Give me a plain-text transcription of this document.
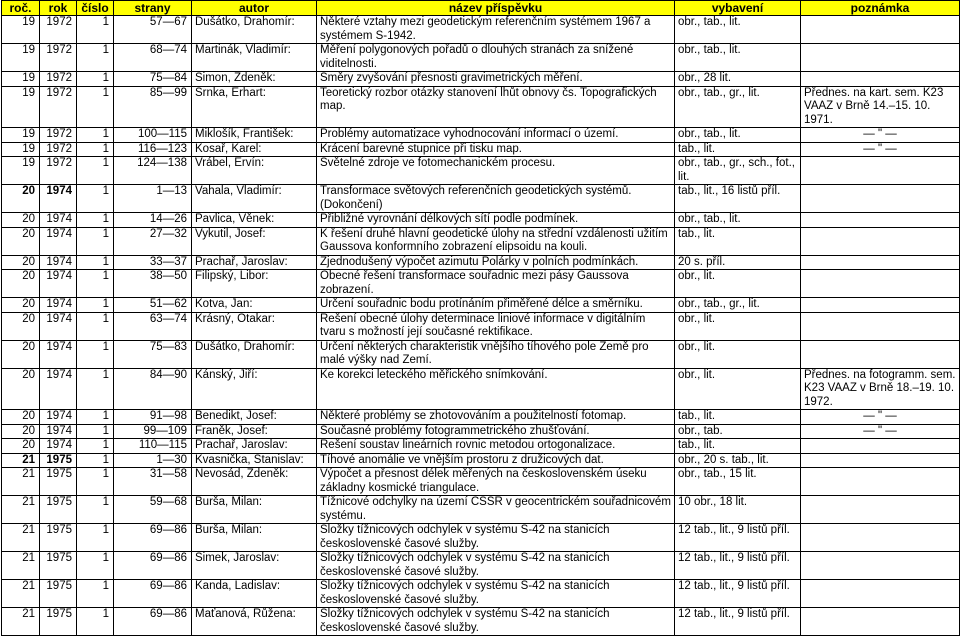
roč.	rok	číslo	strany	autor	název příspěvku	vybavení	poznámka
19	1972	1	57—67	Dušátko, Drahomír:	Některé vztahy mezi geodetickým referenčním systémem 1967 a systémem S-1942.	obr., tab., lit.	
19	1972	1	68—74	Martinák, Vladimír:	Měření polygonových pořadů o dlouhých stranách za snížené viditelnosti.	obr., tab., lit.	
19	1972	1	75—84	Šimon, Zdeněk:	Směry zvyšování přesnosti gravimetrických měření.	obr., 28 lit.	
19	1972	1	85—99	Srnka, Erhart:	Teoretický rozbor otázky stanovení lhůt obnovy čs. Topografických map.	obr., tab., gr., lit.	Přednes. na kart. sem. K23 VAAZ v Brně 14.–15. 10. 1971.
19	1972	1	100—115	Miklošík, František:	Problémy automatizace vyhodnocování informací o území.	obr., tab., lit.	— " —
19	1972	1	116—123	Kosař, Karel:	Krácení barevné stupnice při tisku map.	tab., lit.	— " —
19	1972	1	124—138	Vrábel, Ervín:	Světelné zdroje ve fotomechanickém procesu.	obr., tab., gr., sch., fot., lit.	
20	1974	1	1—13	Vahala, Vladimír:	Transformace světových referenčních geodetických systémů. (Dokončení)	tab., lit., 16 listů příl.	
20	1974	1	14—26	Pavlica, Věnek:	Přibližné vyrovnání délkových sítí podle podmínek.	obr., tab., lit.	
20	1974	1	27—32	Vykutil, Josef:	K řešení druhé hlavní geodetické úlohy na střední vzdálenosti užitím Gaussova konformního zobrazení elipsoidu na kouli.	tab., lit.	
20	1974	1	33—37	Prachař, Jaroslav:	Zjednodušený výpočet azimutu Polárky v polních podmínkách.	20 s. příl.	
20	1974	1	38—50	Filipský, Libor:	Obecné řešení transformace souřadnic mezi pásy Gaussova zobrazení.	obr., lit.	
20	1974	1	51—62	Kotva, Jan:	Určení souřadnic bodu protínáním přiměřené délce a směrníku.	obr., tab., gr., lit.	
20	1974	1	63—74	Krásný, Otakar:	Řešení obecné úlohy determinace liniové informace v digitálním tvaru s možností její současné rektifikace.	obr., lit.	
20	1974	1	75—83	Dušátko, Drahomír:	Určení některých charakteristik vnějšího tíhového pole Země pro malé výšky nad Zemí.	obr., lit.	
20	1974	1	84—90	Kánský, Jiří:	Ke korekci leteckého měřického snímkování.	obr., lit.	Přednes. na fotogramm. sem. K23 VAAZ v Brně 18.–19. 10. 1972.
20	1974	1	91—98	Benedikt, Josef:	Některé problémy se zhotovováním a použitelností fotomap.	tab., lit.	— " —
20	1974	1	99—109	Franěk, Josef:	Současné problémy fotogrammetrického zhušťování.	obr., tab.	— " —
20	1974	1	110—115	Prachař, Jaroslav:	Řešení soustav lineárních rovnic metodou ortogonalizace.	tab., lit.	
21	1975	1	1—30	Kvasnička, Stanislav:	Tíhové anomálie ve vnějším prostoru z družicových dat.	obr., 20 s. tab., lit.	
21	1975	1	31—58	Nevosád, Zdeněk:	Výpočet a přesnost délek měřených na československém úseku základny kosmické triangulace.	obr., tab., 15 lit.	
21	1975	1	59—68	Burša, Milan:	Tížnicové odchylky na území ČSSR v geocentrickém souřadnicovém systému.	10 obr., 18 lit.	
21	1975	1	69—86	Burša, Milan:	Složky tížnicových odchylek v systému S-42 na stanicích československé časové služby.	12 tab., lit., 9 listů příl.	
21	1975	1	69—86	Šimek, Jaroslav:	Složky tížnicových odchylek v systému S-42 na stanicích československé časové služby.	12 tab., lit., 9 listů příl.	
21	1975	1	69—86	Kanda, Ladislav:	Složky tížnicových odchylek v systému S-42 na stanicích československé časové služby.	12 tab., lit., 9 listů příl.	
21	1975	1	69—86	Maťanová, Růžena:	Složky tížnicových odchylek v systému S-42 na stanicích československé časové služby.	12 tab., lit., 9 listů příl.	
